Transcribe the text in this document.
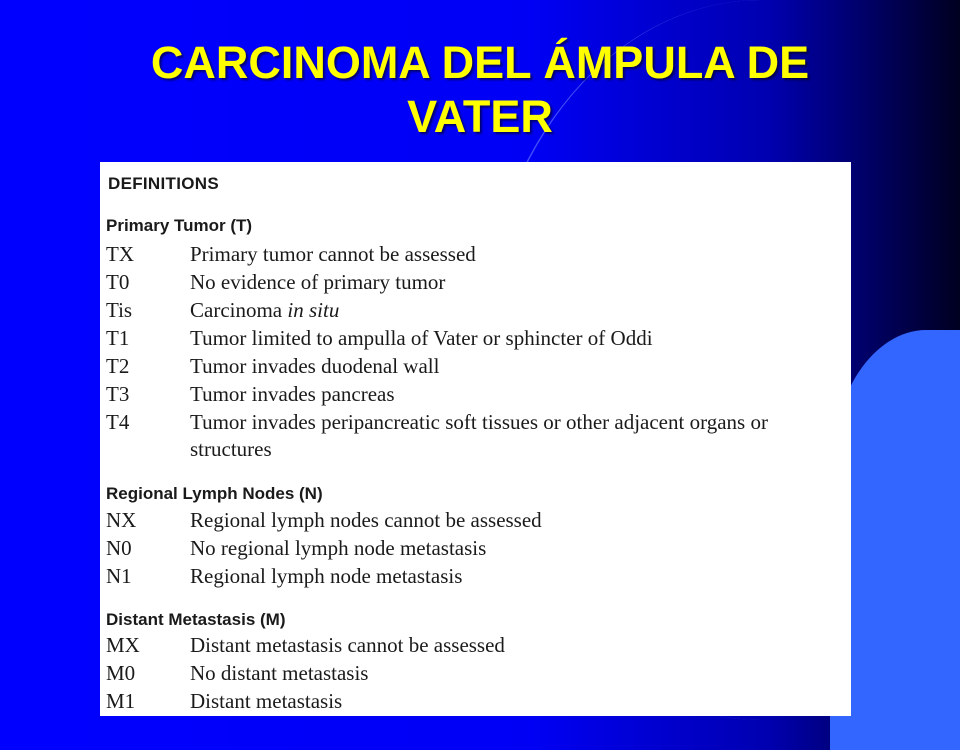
CARCINOMA DEL ÁMPULA DE
VATER
DEFINITIONS
Primary Tumor (T)
TX	Primary tumor cannot be assessed
T0	No evidence of primary tumor
Tis	Carcinoma in situ
T1	Tumor limited to ampulla of Vater or sphincter of Oddi
T2	Tumor invades duodenal wall
T3	Tumor invades pancreas
T4	Tumor invades peripancreatic soft tissues or other adjacent organs or structures
Regional Lymph Nodes (N)
NX	Regional lymph nodes cannot be assessed
N0	No regional lymph node metastasis
N1	Regional lymph node metastasis
Distant Metastasis (M)
MX	Distant metastasis cannot be assessed
M0	No distant metastasis
M1	Distant metastasis
